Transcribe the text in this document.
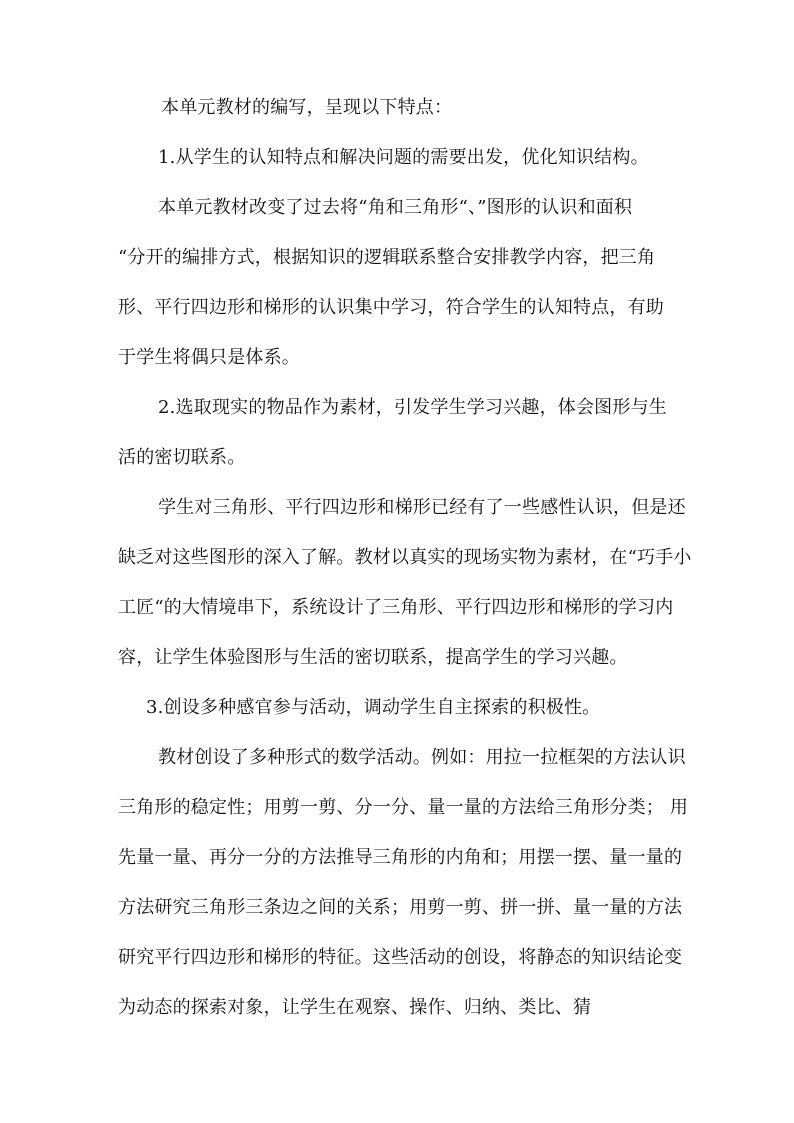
本单元教材的编写，呈现以下特点：
1.从学生的认知特点和解决问题的需要出发，优化知识结构。
本单元教材改变了过去将“角和三角形“、”图形的认识和面积
“分开的编排方式，根据知识的逻辑联系整合安排教学内容，把三角
形、平行四边形和梯形的认识集中学习，符合学生的认知特点，有助
于学生将偶只是体系。
2.选取现实的物品作为素材，引发学生学习兴趣，体会图形与生
活的密切联系。
学生对三角形、平行四边形和梯形已经有了一些感性认识，但是还
缺乏对这些图形的深入了解。教材以真实的现场实物为素材，在“巧手小
工匠“的大情境串下，系统设计了三角形、平行四边形和梯形的学习内
容，让学生体验图形与生活的密切联系，提高学生的学习兴趣。
3.创设多种感官参与活动，调动学生自主探索的积极性。
教材创设了多种形式的数学活动。例如：用拉一拉框架的方法认识
三角形的稳定性；用剪一剪、分一分、量一量的方法给三角形分类； 用
先量一量、再分一分的方法推导三角形的内角和；用摆一摆、量一量的
方法研究三角形三条边之间的关系；用剪一剪、拼一拼、量一量的方法
研究平行四边形和梯形的特征。这些活动的创设，将静态的知识结论变
为动态的探索对象，让学生在观察、操作、归纳、类比、猜
